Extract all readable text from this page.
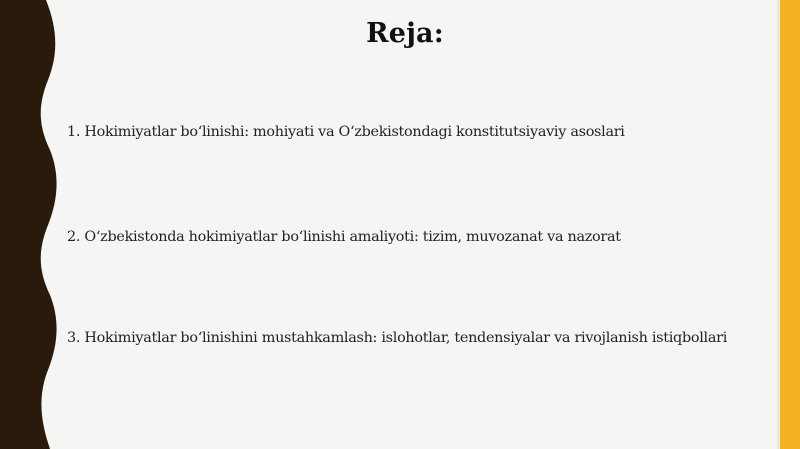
Reja:
1. Hokimiyatlar bo‘linishi: mohiyati va O‘zbekistondagi konstitutsiyaviy asoslari
2. O‘zbekistonda hokimiyatlar bo‘linishi amaliyoti: tizim, muvozanat va nazorat
3. Hokimiyatlar bo‘linishini mustahkamlash: islohotlar, tendensiyalar va rivojlanish istiqbollari
